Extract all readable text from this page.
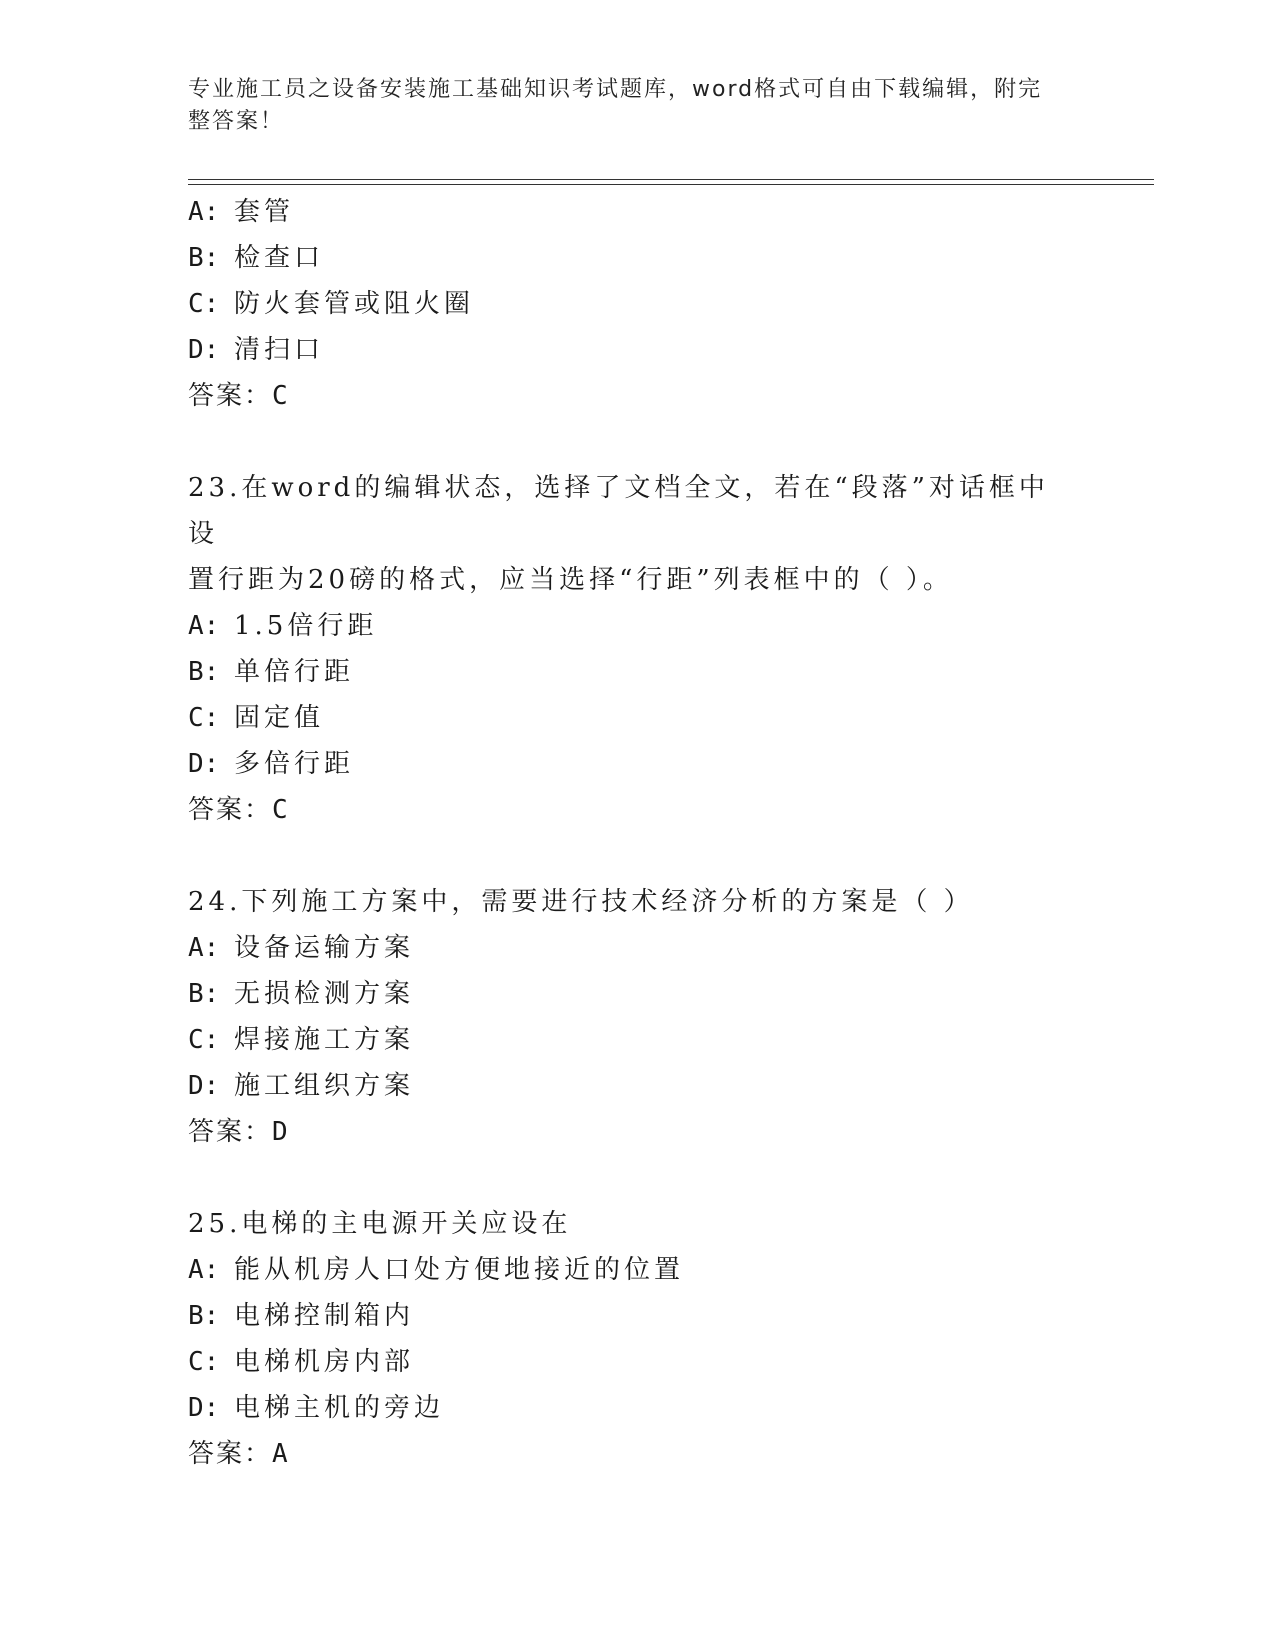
专业施工员之设备安装施工基础知识考试题库，word格式可自由下载编辑，附完
整答案！
A: 套管
B: 检查口
C: 防火套管或阻火圈
D: 清扫口
答案：C
23.在word的编辑状态，选择了文档全文，若在“段落”对话框中设
置行距为20磅的格式，应当选择“行距”列表框中的（ ）。
A: 1.5倍行距
B: 单倍行距
C: 固定值
D: 多倍行距
答案：C
24.下列施工方案中，需要进行技术经济分析的方案是（ ）
A: 设备运输方案
B: 无损检测方案
C: 焊接施工方案
D: 施工组织方案
答案：D
25.电梯的主电源开关应设在
A: 能从机房人口处方便地接近的位置
B: 电梯控制箱内
C: 电梯机房内部
D: 电梯主机的旁边
答案：A
